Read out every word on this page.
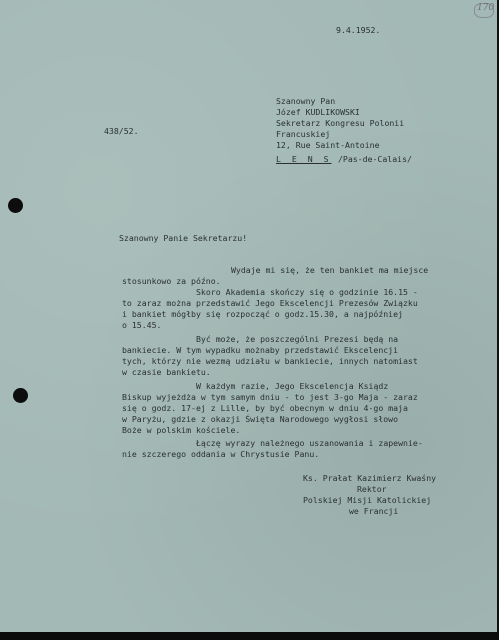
170
9.4.1952.
Szanowny Pan
Józef KUDLIKOWSKI
Sekretarz Kongresu Polonii
Francuskiej
12, Rue Saint-Antoine
L E N S /Pas-de-Calais/
438/52.
Szanowny Panie Sekretarzu!
Wydaje mi się, że ten bankiet ma miejsce
stosunkowo za późno.
Skoro Akademia skończy się o godzinie 16.15 -
to zaraz można przedstawić Jego Ekscelencji Prezesów Związku
i bankiet mógłby się rozpocząć o godz.15.30, a najpóźniej
o 15.45.
Być może, że poszczególni Prezesi będą na
bankiecie. W tym wypadku możnaby przedstawić Ekscelencji
tych, którzy nie wezmą udziału w bankiecie, innych natomiast
w czasie bankietu.
W każdym razie, Jego Ekscelencja Ksiądz
Biskup wyjeżdża w tym samym dniu - to jest 3-go Maja - zaraz
się o godz. 17-ej z Lille, by być obecnym w dniu 4-go maja
w Paryżu, gdzie z okazji Święta Narodowego wygłosi słowo
Boże w polskim kościele.
Łączę wyrazy należnego uszanowania i zapewnie-
nie szczerego oddania w Chrystusie Panu.
Ks. Prałat Kazimierz Kwaśny
Rektor
Polskiej Misji Katolickiej
we Francji
